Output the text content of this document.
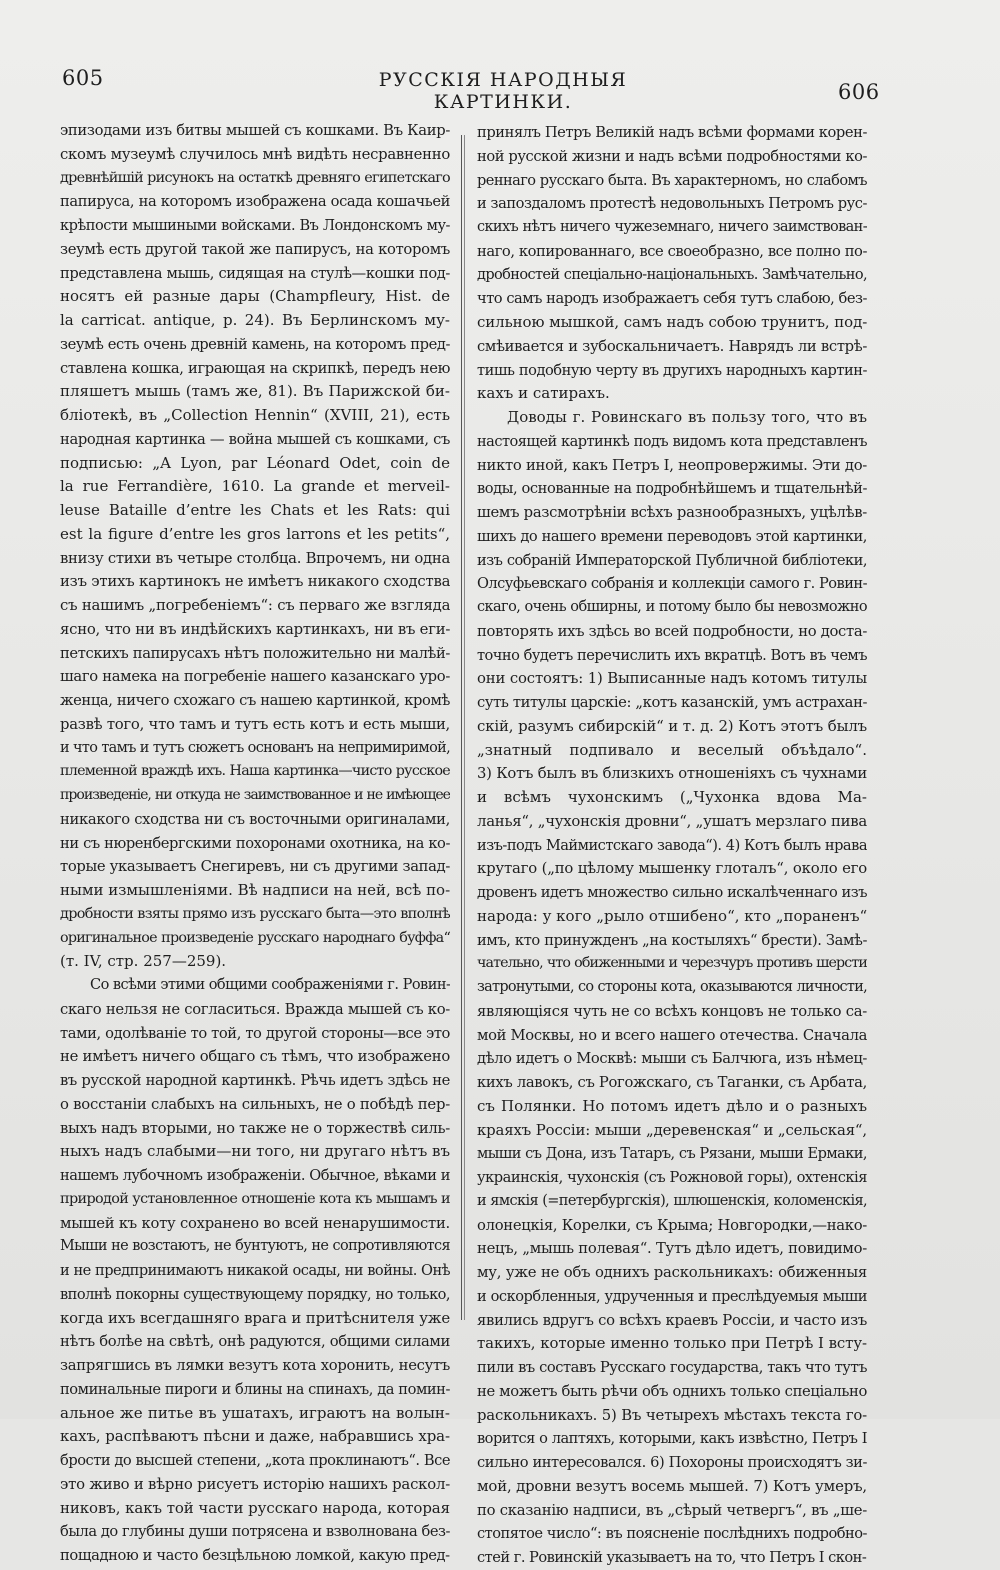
605	РУССКІЯ НАРОДНЫЯ КАРТИНКИ.	606
эпизодами изъ битвы мышей съ кошками. Въ Каир-
скомъ музеумѣ случилось мнѣ видѣть несравненно
древнѣйшій рисунокъ на остаткѣ древняго египетскаго
папируса, на которомъ изображена осада кошачьей
крѣпости мышиными войсками. Въ Лондонскомъ му-
зеумѣ есть другой такой же папирусъ, на которомъ
представлена мышь, сидящая на стулѣ—кошки под-
носятъ ей разные дары (Champfleury, Hist. de
la carricat. antique, p. 24). Въ Берлинскомъ му-
зеумѣ есть очень древній камень, на которомъ пред-
ставлена кошка, играющая на скрипкѣ, передъ нею
пляшетъ мышь (тамъ же, 81). Въ Парижской би-
бліотекѣ, въ „Collection Hennin“ (XVIII, 21), есть
народная картинка — война мышей съ кошками, съ
подписью: „A Lyon, par Léonard Odet, coin de
la rue Ferrandière, 1610. La grande et merveil-
leuse Bataille d’entre les Chats et les Rats: qui
est la figure d’entre les gros larrons et les petits“,
внизу стихи въ четыре столбца. Впрочемъ, ни одна
изъ этихъ картинокъ не имѣетъ никакого сходства
съ нашимъ „погребеніемъ“: съ перваго же взгляда
ясно, что ни въ индѣйскихъ картинкахъ, ни въ еги-
петскихъ папирусахъ нѣтъ положительно ни малѣй-
шаго намека на погребеніе нашего казанскаго уро-
женца, ничего схожаго съ нашею картинкой, кромѣ
развѣ того, что тамъ и тутъ есть котъ и есть мыши,
и что тамъ и тутъ сюжетъ основанъ на непримиримой,
племенной враждѣ ихъ. Наша картинка—чисто русское
произведеніе, ни откуда не заимствованное и не имѣющее
никакого сходства ни съ восточными оригиналами,
ни съ нюренбергскими похоронами охотника, на ко-
торые указываетъ Снегиревъ, ни съ другими запад-
ными измышленіями. Вѣ надписи на ней, всѣ по-
дробности взяты прямо изъ русскаго быта—это вполнѣ
оригинальное произведеніе русскаго народнаго буффа“
(т. IV, стр. 257—259).
Со всѣми этими общими соображеніями г. Ровин-
скаго нельзя не согласиться. Вражда мышей съ ко-
тами, одолѣваніе то той, то другой стороны—все это
не имѣетъ ничего общаго съ тѣмъ, что изображено
въ русской народной картинкѣ. Рѣчь идетъ здѣсь не
о восстаніи слабыхъ на сильныхъ, не о побѣдѣ пер-
выхъ надъ вторыми, но также не о торжествѣ силь-
ныхъ надъ слабыми—ни того, ни другаго нѣтъ въ
нашемъ лубочномъ изображеніи. Обычное, вѣками и
природой установленное отношеніе кота къ мышамъ и
мышей къ коту сохранено во всей ненарушимости.
Мыши не возстаютъ, не бунтуютъ, не сопротивляются
и не предпринимаютъ никакой осады, ни войны. Онѣ
вполнѣ покорны существующему порядку, но только,
когда ихъ всегдашняго врага и притѣснителя уже
нѣтъ болѣе на свѣтѣ, онѣ радуются, общими силами
запрягшись въ лямки везутъ кота хоронить, несутъ
поминальные пироги и блины на спинахъ, да помин-
альное же питье въ ушатахъ, играютъ на волын-
кахъ, распѣваютъ пѣсни и даже, набравшись хра-
брости до высшей степени, „кота проклинаютъ“. Все
это живо и вѣрно рисуетъ исторію нашихъ раскол-
никовъ, какъ той части русскаго народа, которая
была до глубины души потрясена и взволнована без-
пощадною и часто безцѣльною ломкой, какую пред-
принялъ Петръ Великій надъ всѣми формами корен-
ной русской жизни и надъ всѣми подробностями ко-
реннаго русскаго быта. Въ характерномъ, но слабомъ
и запоздаломъ протестѣ недовольныхъ Петромъ рус-
скихъ нѣтъ ничего чужеземнаго, ничего заимствован-
наго, копированнаго, все своеобразно, все полно по-
дробностей спеціально-національныхъ. Замѣчательно,
что самъ народъ изображаетъ себя тутъ слабою, без-
сильною мышкой, самъ надъ собою трунитъ, под-
смѣивается и зубоскальничаетъ. Наврядъ ли встрѣ-
тишь подобную черту въ другихъ народныхъ картин-
кахъ и сатирахъ.
Доводы г. Ровинскаго въ пользу того, что въ
настоящей картинкѣ подъ видомъ кота представленъ
никто иной, какъ Петръ I, неопровержимы. Эти до-
воды, основанные на подробнѣйшемъ и тщательнѣй-
шемъ разсмотрѣніи всѣхъ разнообразныхъ, уцѣлѣв-
шихъ до нашего времени переводовъ этой картинки,
изъ собраній Императорской Публичной библіотеки,
Олсуфьевскаго собранія и коллекціи самого г. Ровин-
скаго, очень обширны, и потому было бы невозможно
повторять ихъ здѣсь во всей подробности, но доста-
точно будетъ перечислить ихъ вкратцѣ. Вотъ въ чемъ
они состоятъ: 1) Выписанные надъ котомъ титулы
суть титулы царскіе: „котъ казанскій, умъ астрахан-
скій, разумъ сибирскій“ и т. д. 2) Котъ этотъ былъ
„знатный подпивало и веселый объѣдало“.
3) Котъ былъ въ близкихъ отношеніяхъ съ чухнами
и всѣмъ чухонскимъ („Чухонка вдова Ма-
ланья“, „чухонскія дровни“, „ушатъ мерзлаго пива
изъ-подъ Маймистскаго завода“). 4) Котъ былъ нрава
крутаго („по цѣлому мышенку глоталъ“, около его
дровенъ идетъ множество сильно искалѣченнаго изъ
народа: у кого „рыло отшибено“, кто „пораненъ“
имъ, кто принужденъ „на костыляхъ“ брести). Замѣ-
чательно, что обиженными и черезчуръ противъ шерсти
затронутыми, со стороны кота, оказываются личности,
являющіяся чуть не со всѣхъ концовъ не только са-
мой Москвы, но и всего нашего отечества. Сначала
дѣло идетъ о Москвѣ: мыши съ Балчюга, изъ нѣмец-
кихъ лавокъ, съ Рогожскаго, съ Таганки, съ Арбата,
съ Полянки. Но потомъ идетъ дѣло и о разныхъ
краяхъ Россіи: мыши „деревенская“ и „сельская“,
мыши съ Дона, изъ Татаръ, съ Рязани, мыши Ермаки,
украинскія, чухонскія (съ Рожновой горы), охтенскія
и ямскія (=петербургскія), шлюшенскія, коломенскія,
олонецкія, Корелки, съ Крыма; Новгородки,—нако-
нецъ, „мышь полевая“. Тутъ дѣло идетъ, повидимо-
му, уже не объ однихъ раскольникахъ: обиженныя
и оскорбленныя, удрученныя и преслѣдуемыя мыши
явились вдругъ со всѣхъ краевъ Россіи, и часто изъ
такихъ, которые именно только при Петрѣ I всту-
пили въ составъ Русскаго государства, такъ что тутъ
не можетъ быть рѣчи объ однихъ только спеціально
раскольникахъ. 5) Въ четырехъ мѣстахъ текста го-
ворится о лаптяхъ, которыми, какъ извѣстно, Петръ I
сильно интересовался. 6) Похороны происходятъ зи-
мой, дровни везутъ восемь мышей. 7) Котъ умеръ,
по сказанію надписи, въ „сѣрый четвергъ“, въ „ше-
стопятое число“: въ поясненіе послѣднихъ подробно-
стей г. Ровинскій указываетъ на то, что Петръ I скон-
